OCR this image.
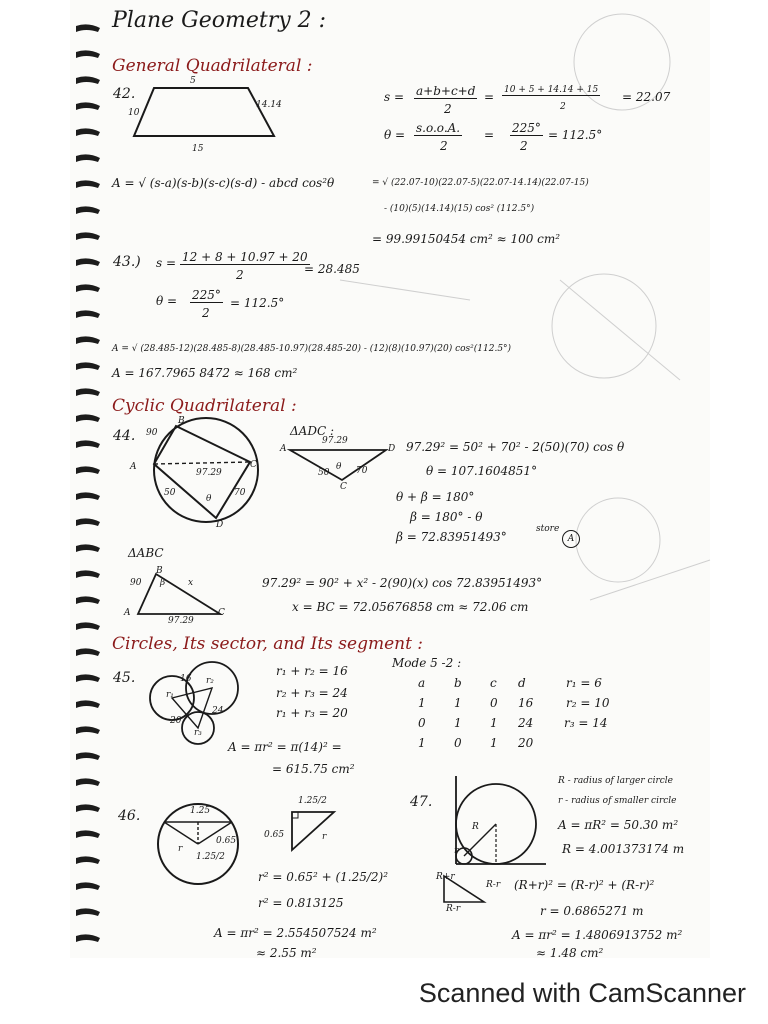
Plane Geometry 2 :
General Quadrilateral :
42.
5
10
14.14
15
s = a+b+c+d
2
= 10 + 5 + 14.14 + 15
2
= 22.07
θ = s.o.o.A.
2
= 225°
2
= 112.5°
A = √ (s-a)(s-b)(s-c)(s-d) - abcd cos²θ	= √ (22.07-10)(22.07-5)(22.07-14.14)(22.07-15)
- (10)(5)(14.14)(15) cos² (112.5°)
= 99.99150454 cm² ≈ 100 cm²
43.) s = 12 + 8 + 10.97 + 20
2	= 28.485
θ = 225°
2
= 112.5°
A = √ (28.485-12)(28.485-8)(28.485-10.97)(28.485-20) - (12)(8)(10.97)(20) cos²(112.5°)
A = 167.7965 8472 ≈ 168 cm²
Cyclic Quadrilateral :
44. 90
B
A	C
D
97.29
50	70
θ
ΔADC :
97.29
50	70
θ
A	D
C
97.29² = 50² + 70² - 2(50)(70) cos θ
θ = 107.1604851°
θ + β = 180°
β = 180° - θ
β = 72.83951493°
store
A
ΔABC
90
B
β	x
A	C
97.29
97.29² = 90² + x² - 2(90)(x) cos 72.83951493°
x = BC = 72.05676858 cm ≈ 72.06 cm
Circles, Its sector, and Its segment :
45.
r₁
r₂
r₃
16
24
20
r₁ + r₂ = 16
r₂ + r₃ = 24
r₁ + r₃ = 20
Mode 5 -2 :
a b c d
1 1 0 16
0 1 1 24
1 0 1 20
r₁ = 6
r₂ = 10
r₃ = 14
A = πr² = π(14)² =
= 615.75 cm²
46.	1.25
0.65
r
1.25/2
1.25/2
0.65	r
r² = 0.65² + (1.25/2)²
r² = 0.813125
A = πr² = 2.554507524 m²
≈ 2.55 m²
47.
R
r
R - radius of larger circle
r - radius of smaller circle
A = πR² = 50.30 m²
R = 4.001373174 m
R+r
R-r
R-r
(R+r)² = (R-r)² + (R-r)²
r = 0.6865271 m
A = πr² = 1.4806913752 m²
≈ 1.48 cm²
Scanned with CamScanner
